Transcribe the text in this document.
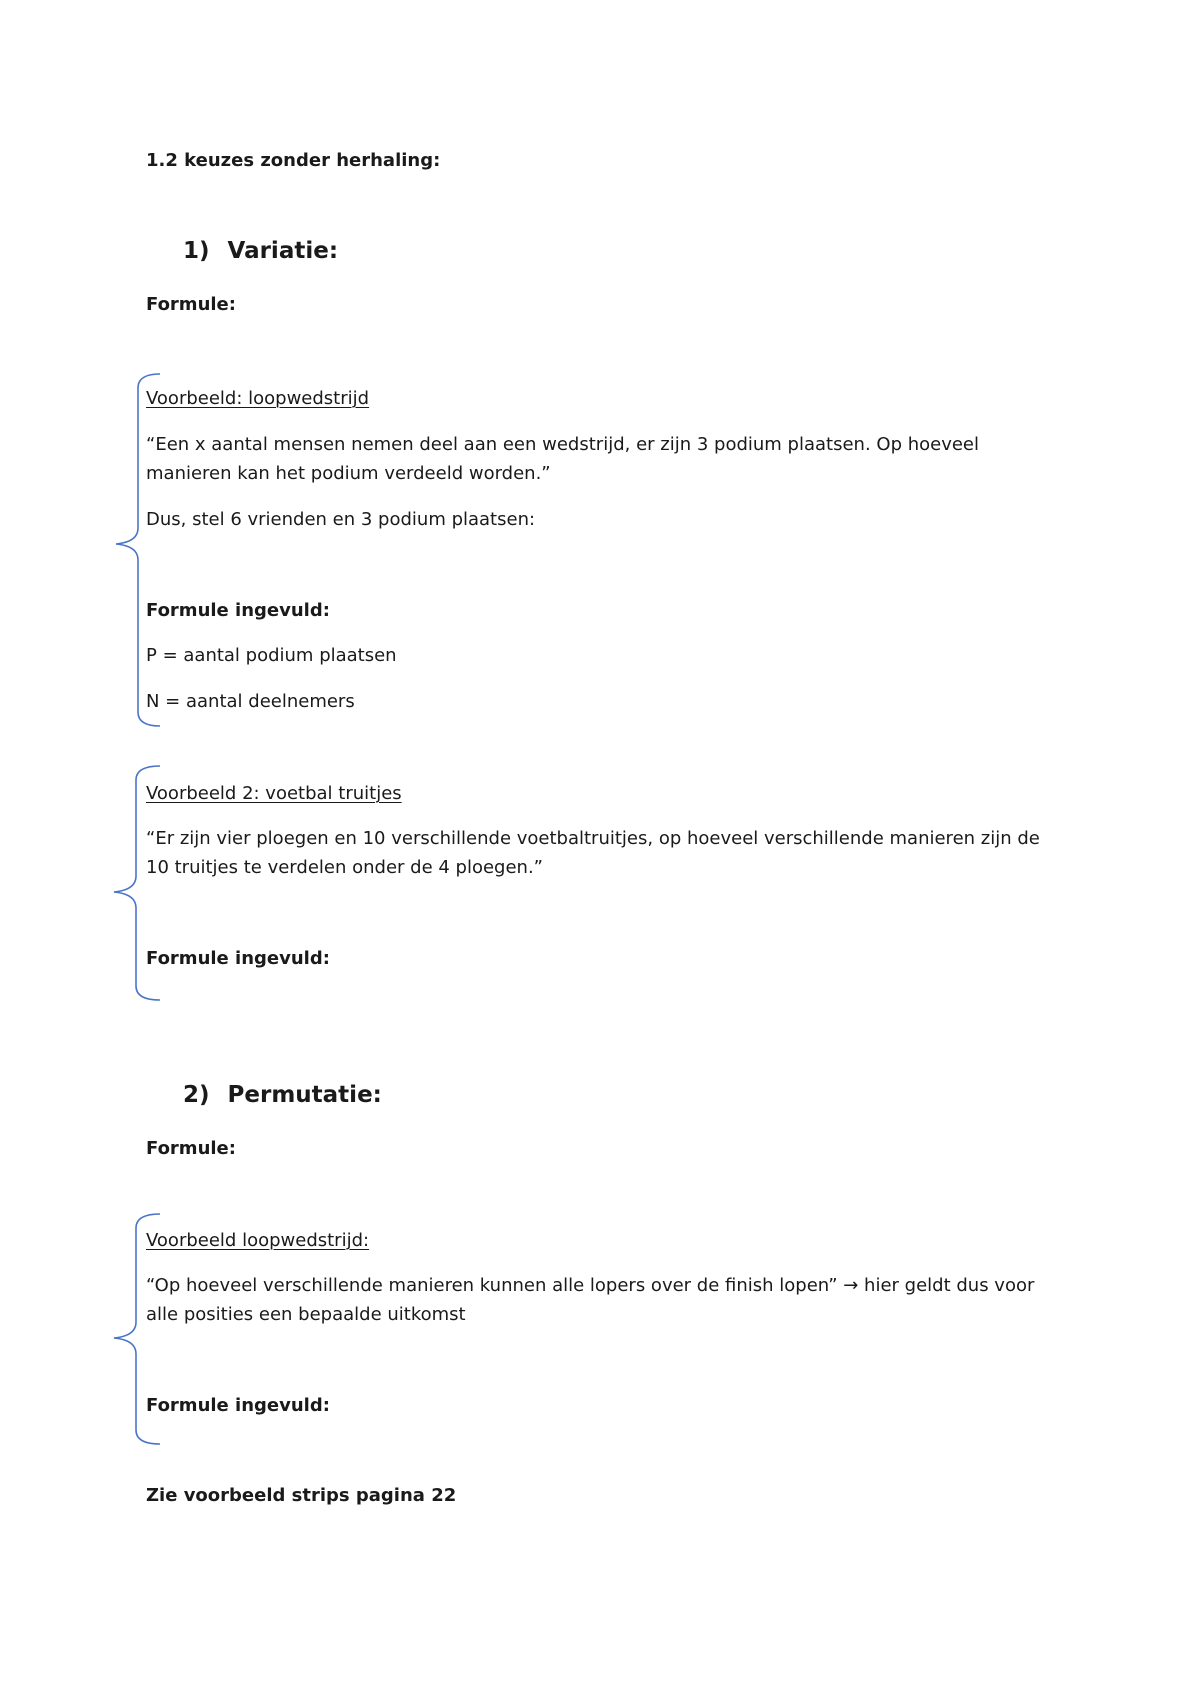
1.2 keuzes zonder herhaling:
1) Variatie:
Formule:
Voorbeeld: loopwedstrijd
“Een x aantal mensen nemen deel aan een wedstrijd, er zijn 3 podium plaatsen. Op hoeveel
manieren kan het podium verdeeld worden.”
Dus, stel 6 vrienden en 3 podium plaatsen:
Formule ingevuld:
P = aantal podium plaatsen
N = aantal deelnemers
Voorbeeld 2: voetbal truitjes
“Er zijn vier ploegen en 10 verschillende voetbaltruitjes, op hoeveel verschillende manieren zijn de
10 truitjes te verdelen onder de 4 ploegen.”
Formule ingevuld:
2) Permutatie:
Formule:
Voorbeeld loopwedstrijd:
“Op hoeveel verschillende manieren kunnen alle lopers over de finish lopen” → hier geldt dus voor
alle posities een bepaalde uitkomst
Formule ingevuld:
Zie voorbeeld strips pagina 22
